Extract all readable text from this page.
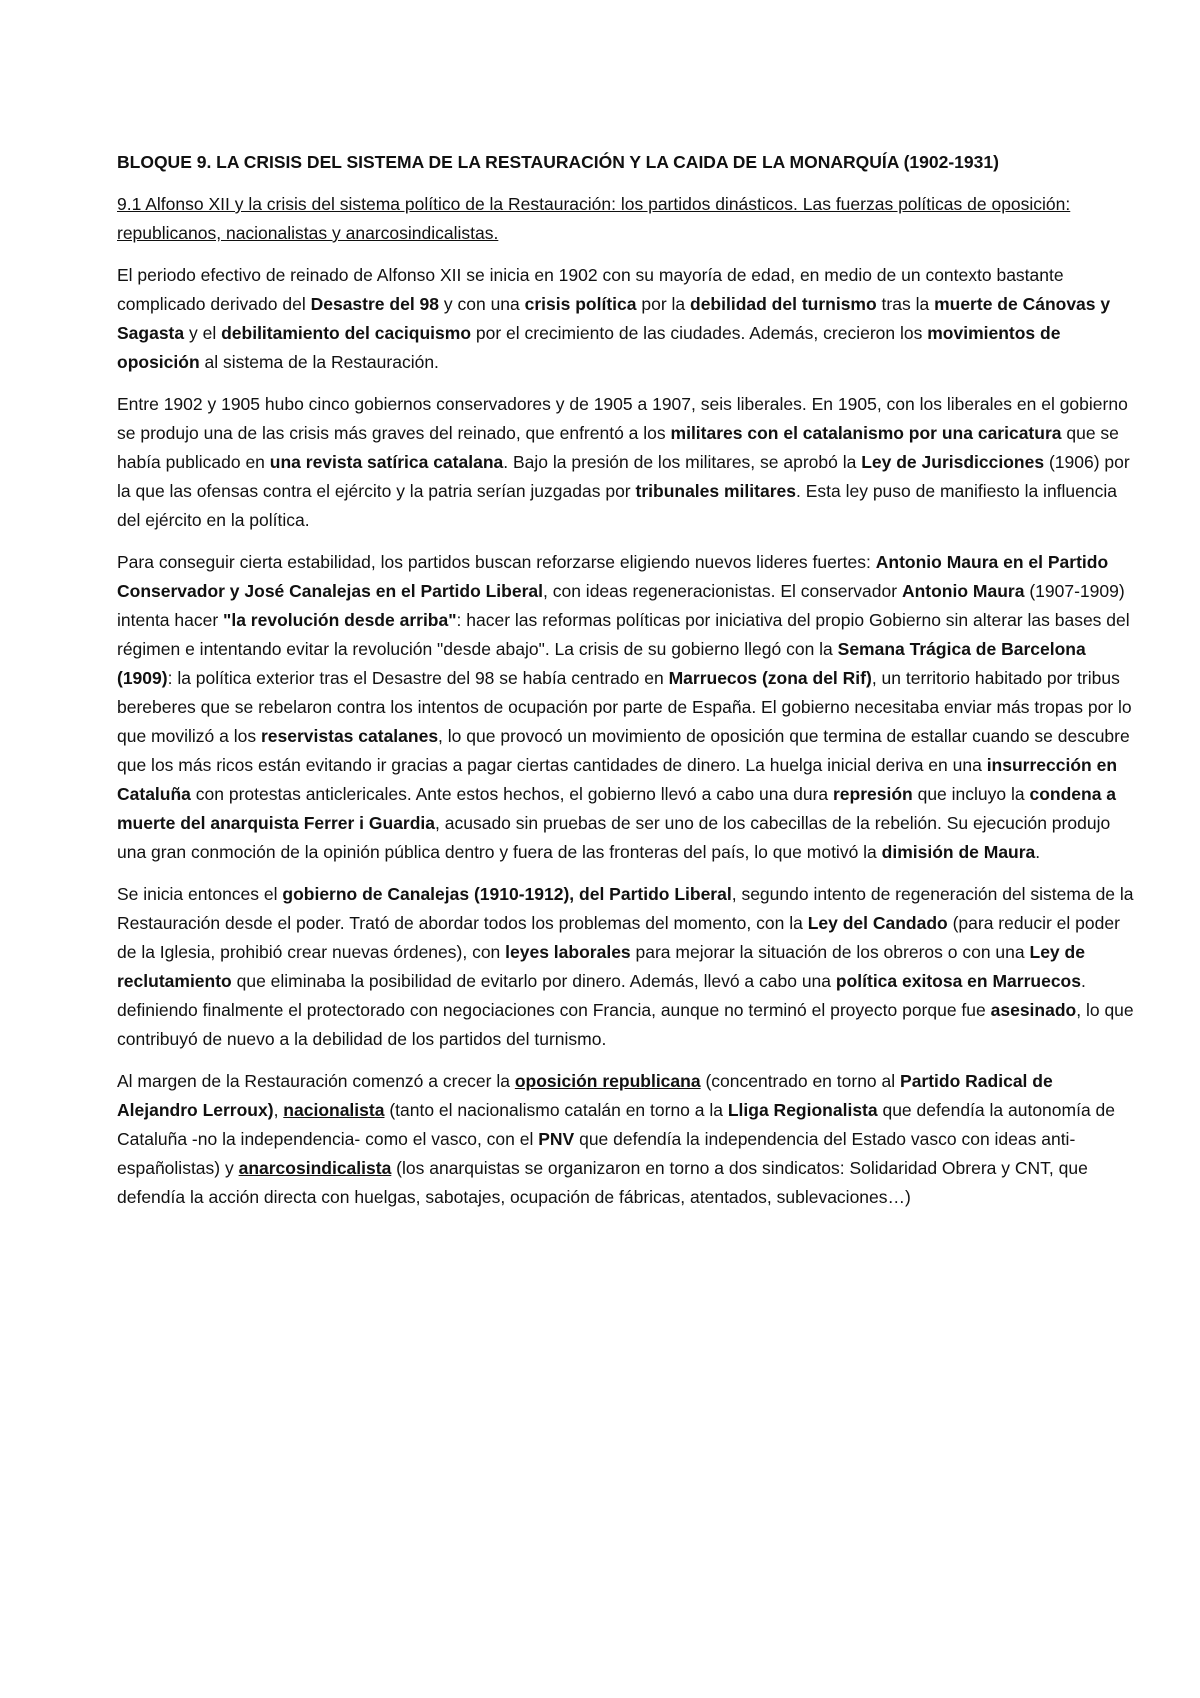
BLOQUE 9. LA CRISIS DEL SISTEMA DE LA RESTAURACIÓN Y LA CAIDA DE LA MONARQUÍA (1902-1931)
9.1 Alfonso XII y la crisis del sistema político de la Restauración: los partidos dinásticos. Las fuerzas políticas de oposición: republicanos, nacionalistas y anarcosindicalistas.

El periodo efectivo de reinado de Alfonso XII se inicia en 1902 con su mayoría de edad, en medio de un contexto bastante complicado derivado del Desastre del 98 y con una crisis política por la debilidad del turnismo tras la muerte de Cánovas y Sagasta y el debilitamiento del caciquismo por el crecimiento de las ciudades. Además, crecieron los movimientos de oposición al sistema de la Restauración.

Entre 1902 y 1905 hubo cinco gobiernos conservadores y de 1905 a 1907, seis liberales. En 1905, con los liberales en el gobierno se produjo una de las crisis más graves del reinado, que enfrentó a los militares con el catalanismo por una caricatura que se había publicado en una revista satírica catalana. Bajo la presión de los militares, se aprobó la Ley de Jurisdicciones (1906) por la que las ofensas contra el ejército y la patria serían juzgadas por tribunales militares. Esta ley puso de manifiesto la influencia del ejército en la política.

Para conseguir cierta estabilidad, los partidos buscan reforzarse eligiendo nuevos lideres fuertes: Antonio Maura en el Partido Conservador y José Canalejas en el Partido Liberal, con ideas regeneracionistas. El conservador Antonio Maura (1907-1909) intenta hacer "la revolución desde arriba": hacer las reformas políticas por iniciativa del propio Gobierno sin alterar las bases del régimen e intentando evitar la revolución "desde abajo". La crisis de su gobierno llegó con la Semana Trágica de Barcelona (1909): la política exterior tras el Desastre del 98 se había centrado en Marruecos (zona del Rif), un territorio habitado por tribus bereberes que se rebelaron contra los intentos de ocupación por parte de España. El gobierno necesitaba enviar más tropas por lo que movilizó a los reservistas catalanes, lo que provocó un movimiento de oposición que termina de estallar cuando se descubre que los más ricos están evitando ir gracias a pagar ciertas cantidades de dinero. La huelga inicial deriva en una insurrección en Cataluña con protestas anticlericales. Ante estos hechos, el gobierno llevó a cabo una dura represión que incluyo la condena a muerte del anarquista Ferrer i Guardia, acusado sin pruebas de ser uno de los cabecillas de la rebelión. Su ejecución produjo una gran conmoción de la opinión pública dentro y fuera de las fronteras del país, lo que motivó la dimisión de Maura.

Se inicia entonces el gobierno de Canalejas (1910-1912), del Partido Liberal, segundo intento de regeneración del sistema de la Restauración desde el poder. Trató de abordar todos los problemas del momento, con la Ley del Candado (para reducir el poder de la Iglesia, prohibió crear nuevas órdenes), con leyes laborales para mejorar la situación de los obreros o con una Ley de reclutamiento que eliminaba la posibilidad de evitarlo por dinero. Además, llevó a cabo una política exitosa en Marruecos. definiendo finalmente el protectorado con negociaciones con Francia, aunque no terminó el proyecto porque fue asesinado, lo que contribuyó de nuevo a la debilidad de los partidos del turnismo.

Al margen de la Restauración comenzó a crecer la oposición republicana (concentrado en torno al Partido Radical de Alejandro Lerroux), nacionalista (tanto el nacionalismo catalán en torno a la Lliga Regionalista que defendía la autonomía de Cataluña -no la independencia- como el vasco, con el PNV que defendía la independencia del Estado vasco con ideas anti-españolistas) y anarcosindicalista (los anarquistas se organizaron en torno a dos sindicatos: Solidaridad Obrera y CNT, que defendía la acción directa con huelgas, sabotajes, ocupación de fábricas, atentados, sublevaciones…)
